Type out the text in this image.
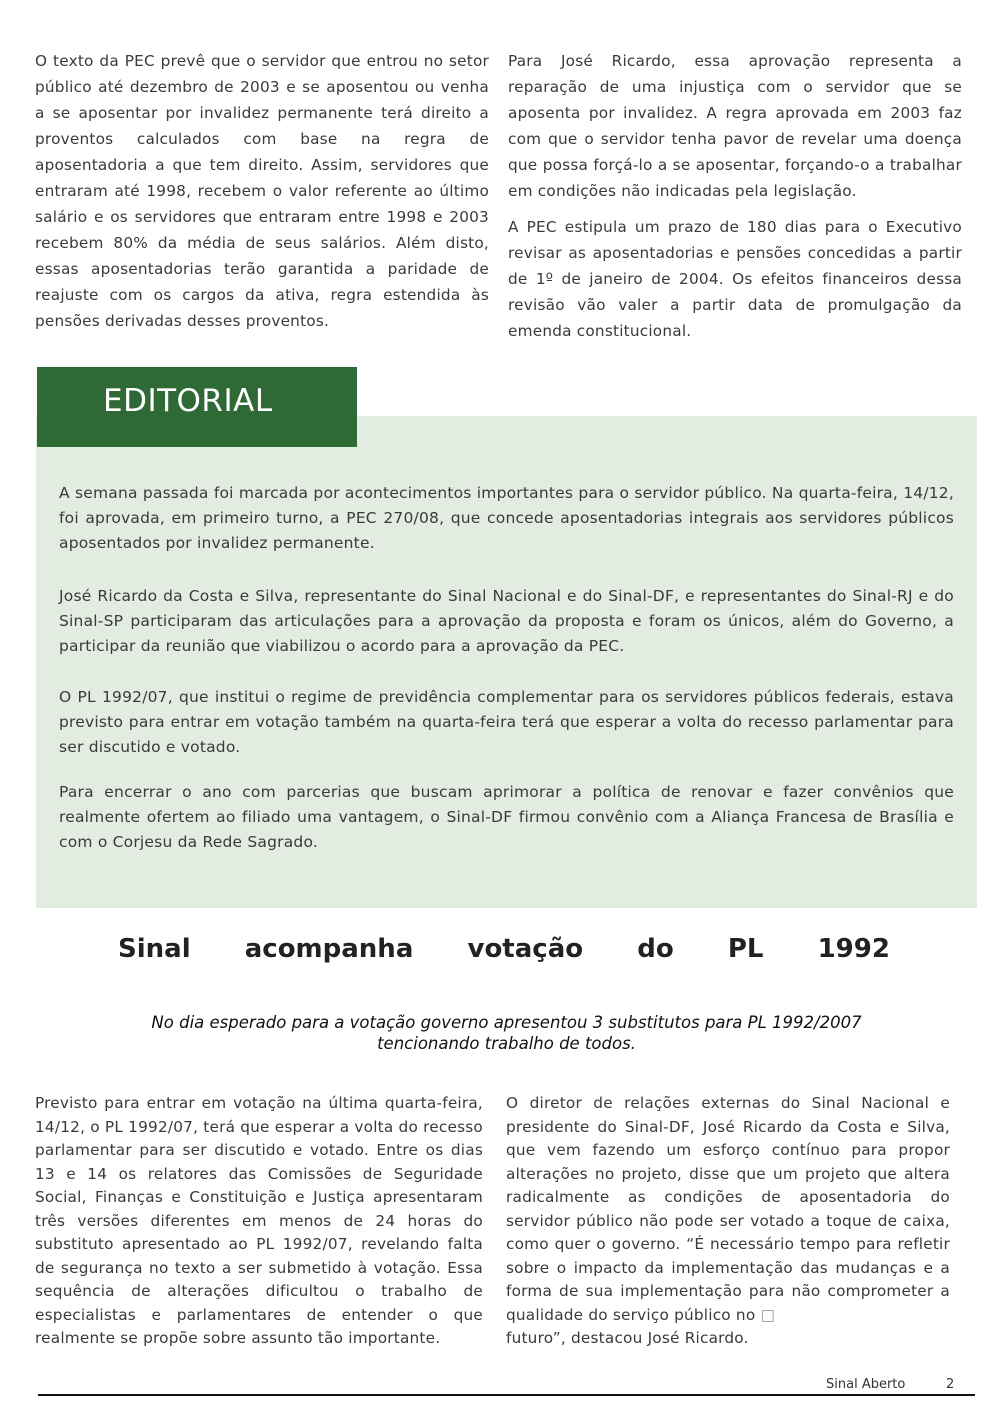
O texto da PEC prevê que o servidor que entrou no setor público até dezembro de 2003 e se aposentou ou venha a se aposentar por invalidez permanente terá direito a proventos calculados com base na regra de aposentadoria a que tem direito. Assim, servidores que entraram até 1998, recebem o valor referente ao último salário e os servidores que entraram entre 1998 e 2003 recebem 80% da média de seus salários. Além disto, essas aposentadorias terão garantida a paridade de reajuste com os cargos da ativa, regra estendida às pensões derivadas desses proventos.

Para José Ricardo, essa aprovação representa a reparação de uma injustiça com o servidor que se aposenta por invalidez. A regra aprovada em 2003 faz com que o servidor tenha pavor de revelar uma doença que possa forçá-lo a se aposentar, forçando-o a trabalhar em condições não indicadas pela legislação.

A PEC estipula um prazo de 180 dias para o Executivo revisar as aposentadorias e pensões concedidas a partir de 1º de janeiro de 2004. Os efeitos financeiros dessa revisão vão valer a partir data de promulgação da emenda constitucional.

EDITORIAL

A semana passada foi marcada por acontecimentos importantes para o servidor público. Na quarta-feira, 14/12, foi aprovada, em primeiro turno, a PEC 270/08, que concede aposentadorias integrais aos servidores públicos aposentados por invalidez permanente.

José Ricardo da Costa e Silva, representante do Sinal Nacional e do Sinal-DF, e representantes do Sinal-RJ e do Sinal-SP participaram das articulações para a aprovação da proposta e foram os únicos, além do Governo, a participar da reunião que viabilizou o acordo para a aprovação da PEC.

O PL 1992/07, que institui o regime de previdência complementar para os servidores públicos federais, estava previsto para entrar em votação também na quarta-feira terá que esperar a volta do recesso parlamentar para ser discutido e votado.

Para encerrar o ano com parcerias que buscam aprimorar a política de renovar e fazer convênios que realmente ofertem ao filiado uma vantagem, o Sinal-DF firmou convênio com a Aliança Francesa de Brasília e com o Corjesu da Rede Sagrado.

Sinal acompanha votação do PL 1992
No dia esperado para a votação governo apresentou 3 substitutos para PL 1992/2007 tencionando trabalho de todos.

Previsto para entrar em votação na última quarta-feira, 14/12, o PL 1992/07, terá que esperar a volta do recesso parlamentar para ser discutido e votado. Entre os dias 13 e 14 os relatores das Comissões de Seguridade Social, Finanças e Constituição e Justiça apresentaram três versões diferentes em menos de 24 horas do substituto apresentado ao PL 1992/07, revelando falta de segurança no texto a ser submetido à votação. Essa sequência de alterações dificultou o trabalho de especialistas e parlamentares de entender o que realmente se propõe sobre assunto tão importante.

O diretor de relações externas do Sinal Nacional e presidente do Sinal-DF, José Ricardo da Costa e Silva, que vem fazendo um esforço contínuo para propor alterações no projeto, disse que um projeto que altera radicalmente as condições de aposentadoria do servidor público não pode ser votado a toque de caixa, como quer o governo. “É necessário tempo para refletir sobre o impacto da implementação das mudanças e a forma de sua implementação para não comprometer a qualidade do serviço público no □
futuro”, destacou José Ricardo.

Sinal Aberto	2
